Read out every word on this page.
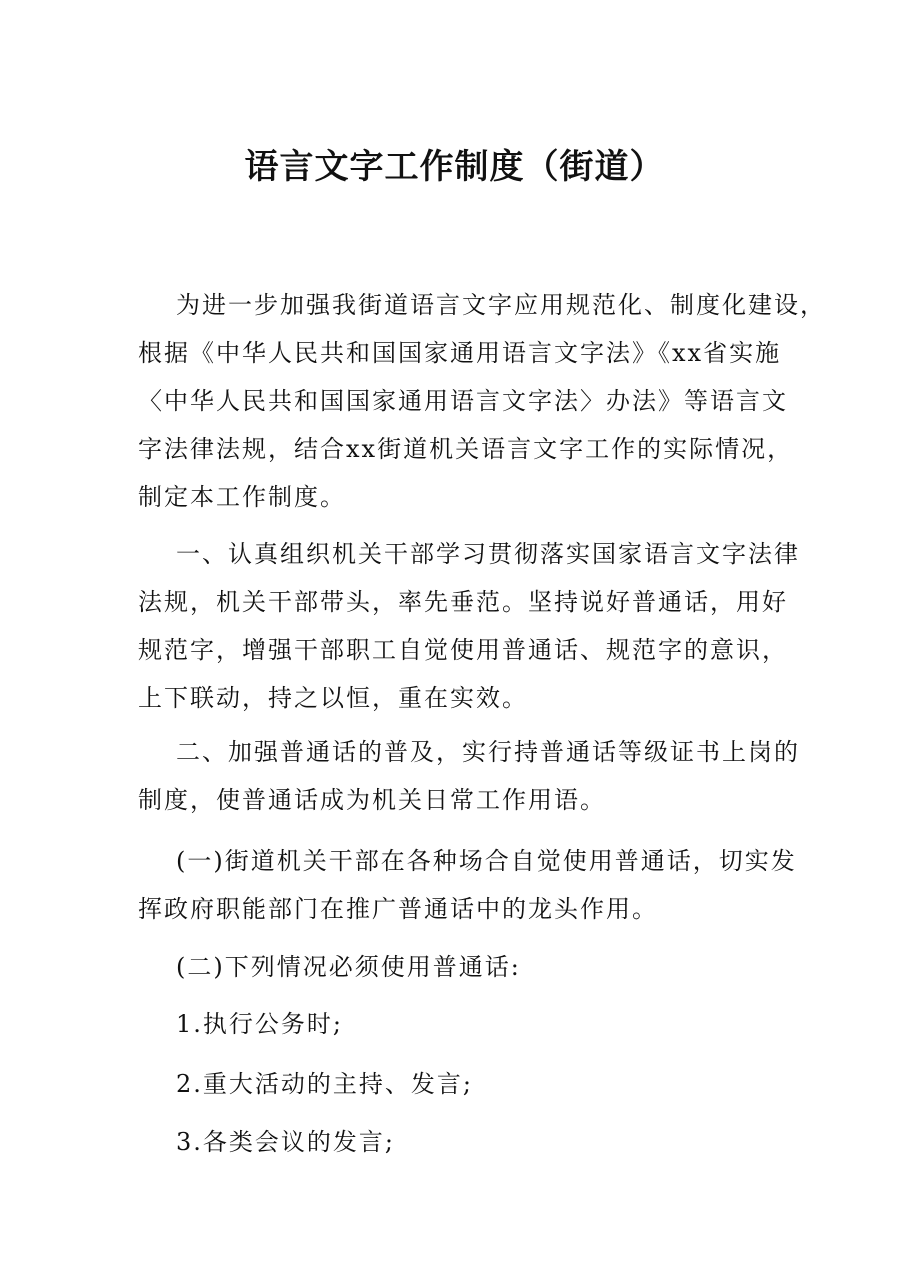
语言文字工作制度（街道）
为进一步加强我街道语言文字应用规范化、制度化建设，
根据《中华人民共和国国家通用语言文字法》《xx省实施
〈中华人民共和国国家通用语言文字法〉办法》等语言文
字法律法规，结合xx街道机关语言文字工作的实际情况，
制定本工作制度。
一、认真组织机关干部学习贯彻落实国家语言文字法律
法规，机关干部带头，率先垂范。坚持说好普通话，用好
规范字，增强干部职工自觉使用普通话、规范字的意识，
上下联动，持之以恒，重在实效。
二、加强普通话的普及，实行持普通话等级证书上岗的
制度，使普通话成为机关日常工作用语。
(一)街道机关干部在各种场合自觉使用普通话，切实发
挥政府职能部门在推广普通话中的龙头作用。
(二)下列情况必须使用普通话:
1.执行公务时;
2.重大活动的主持、发言;
3.各类会议的发言;
